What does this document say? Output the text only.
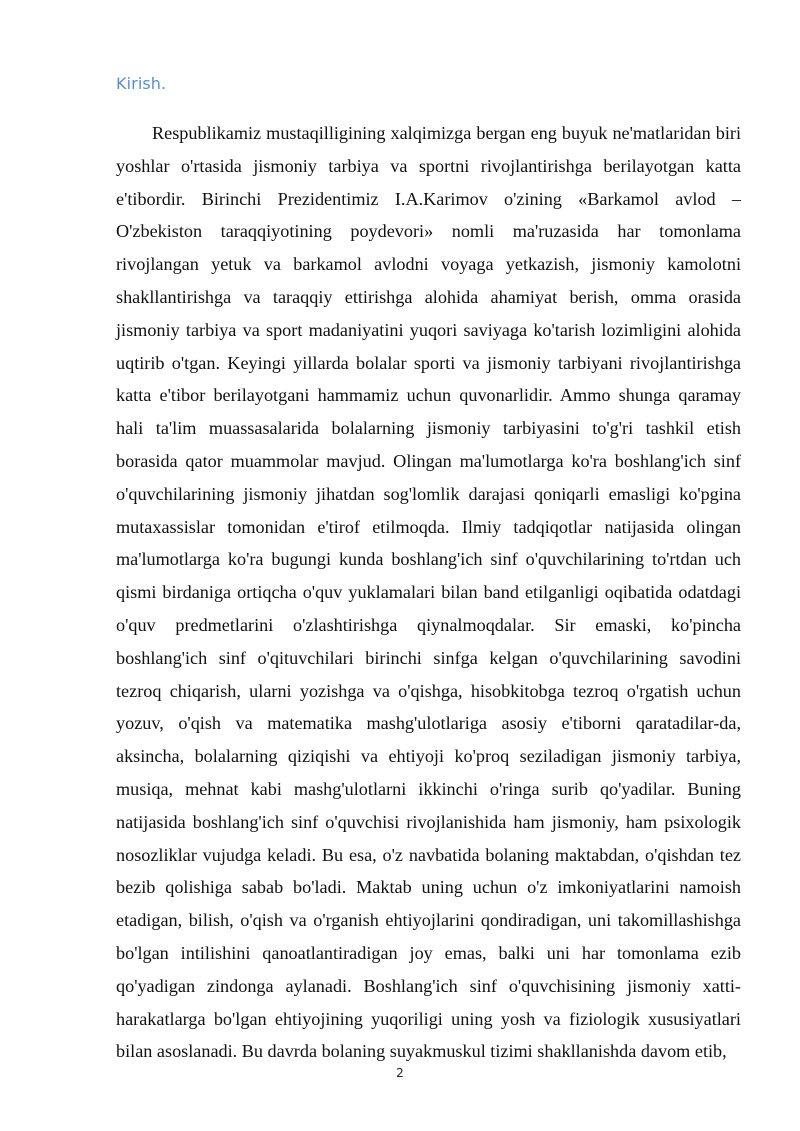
Kirish.

Respublikamiz mustaqilligining xalqimizga bergan eng buyuk ne'matlaridan biri yoshlar o'rtasida jismoniy tarbiya va sportni rivojlantirishga berilayotgan katta e'tibordir. Birinchi Prezidentimiz I.A.Karimov o'zining «Barkamol avlod – O'zbekiston taraqqiyotining poydevori» nomli ma'ruzasida har tomonlama rivojlangan yetuk va barkamol avlodni voyaga yetkazish, jismoniy kamolotni shakllantirishga va taraqqiy ettirishga alohida ahamiyat berish, omma orasida jismoniy tarbiya va sport madaniyatini yuqori saviyaga ko'tarish lozimligini alohida uqtirib o'tgan. Keyingi yillarda bolalar sporti va jismoniy tarbiyani rivojlantirishga katta e'tibor berilayotgani hammamiz uchun quvonarlidir. Ammo shunga qaramay hali ta'lim muassasalarida bolalarning jismoniy tarbiyasini to'g'ri tashkil etish borasida qator muammolar mavjud. Olingan ma'lumotlarga ko'ra boshlang'ich sinf o'quvchilarining jismoniy jihatdan sog'lomlik darajasi qoniqarli emasligi ko'pgina mutaxassislar tomonidan e'tirof etilmoqda. Ilmiy tadqiqotlar natijasida olingan ma'lumotlarga ko'ra bugungi kunda boshlang'ich sinf o'quvchilarining to'rtdan uch qismi birdaniga ortiqcha o'quv yuklamalari bilan band etilganligi oqibatida odatdagi o'quv predmetlarini o'zlashtirishga qiynalmoqdalar. Sir emaski, ko'pincha boshlang'ich sinf o'qituvchilari birinchi sinfga kelgan o'quvchilarining savodini tezroq chiqarish, ularni yozishga va o'qishga, hisobkitobga tezroq o'rgatish uchun yozuv, o'qish va matematika mashg'ulotlariga asosiy e'tiborni qaratadilar-da, aksincha, bolalarning qiziqishi va ehtiyoji ko'proq seziladigan jismoniy tarbiya, musiqa, mehnat kabi mashg'ulotlarni ikkinchi o'ringa surib qo'yadilar. Buning natijasida boshlang'ich sinf o'quvchisi rivojlanishida ham jismoniy, ham psixologik nosozliklar vujudga keladi. Bu esa, o'z navbatida bolaning maktabdan, o'qishdan tez bezib qolishiga sabab bo'ladi. Maktab uning uchun o'z imkoniyatlarini namoish etadigan, bilish, o'qish va o'rganish ehtiyojlarini qondiradigan, uni takomillashishga bo'lgan intilishini qanoatlantiradigan joy emas, balki uni har tomonlama ezib qo'yadigan zindonga aylanadi. Boshlang'ich sinf o'quvchisining jismoniy xatti-harakatlarga bo'lgan ehtiyojining yuqoriligi uning yosh va fiziologik xususiyatlari bilan asoslanadi. Bu davrda bolaning suyakmuskul tizimi shakllanishda davom etib,

2
